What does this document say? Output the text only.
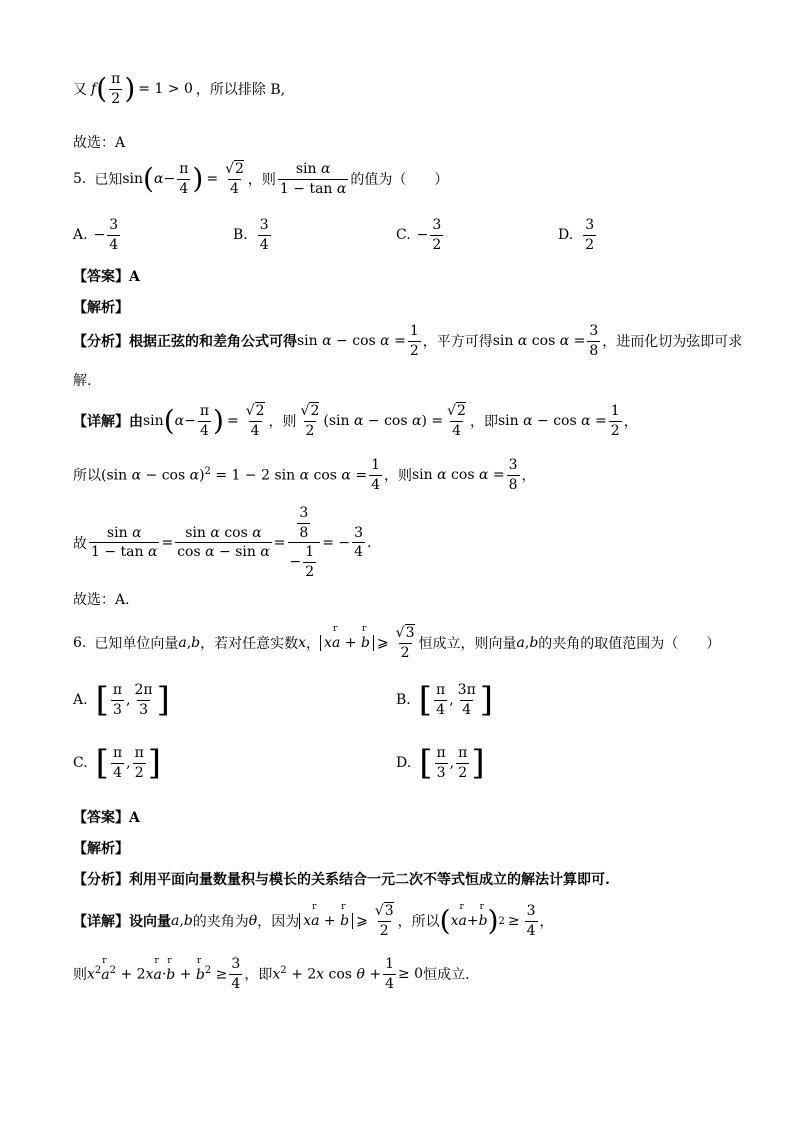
又 f ( $\frac{\pi}{2}$ ) = 1 > 0 ，所以排除 B,
故选：A
5. 已知 sin ( $\alpha - \frac{\pi}{4}$ ) = $\frac{√2}{4}$ ，则 $\frac{\text{sin α}}{\text{1 − tan α}}$ 的值为（　　）
A. − $\frac{3}{4}$	B. $\frac{3}{4}$	C. − $\frac{3}{2}$	D. $\frac{3}{2}$
【答案】A
【解析】
【分析】根据正弦的和差角公式可得 $\sin \alpha - \cos \alpha = \frac{1}{2}$ ，平方可得 sin α $\cos \alpha = \frac{3}{8}$ ，进而化切为弦即可求
解.
【详解】由 sin ( $\alpha - \frac{\pi}{4}$ ) = $\frac{√2}{4}$ ，则 $\frac{√2}{2} (\sin$ $\alpha - \cos \alpha) = \frac{√2}{4}$ ，即 $\sin \alpha - \cos \alpha = \frac{1}{2}$ ，
所以 (sin α − cos α)$^2$ = 1 − 2 sin α $\cos \alpha = \frac{1}{4}$ ，则 sin α $\cos \alpha = \frac{3}{8}$ ，
故 $\frac{\text{sin α}}{\text{1 − tan α}} = \frac{\text{sin α cos α}}{\text{cos α − sin α}} = \frac{\frac{3}{8}}{- \frac{1}{2}}$ = − $\frac{3}{4}$ .
故选：A.
6. 已知单位向量 a , b ，若对任意实数 x ， xr a + r b ⩾ $\frac{√3}{2}$ 恒成立，则向量 a , b 的夹角的取值范围为（　　）
A. [ $\frac{\pi}{3}$ , $\frac{2\pi}{3}$ ]	B. [ $\frac{\pi}{4}$ , $\frac{3\pi}{4}$ ]
C. [ $\frac{\pi}{4}$ , $\frac{\pi}{2}$ ]	D. [ $\frac{\pi}{3}$ , $\frac{\pi}{2}$ ]
【答案】A
【解析】
【分析】利用平面向量数量积与模长的关系结合一元二次不等式恒成立的解法计算即可.
【详解】设向量 a , b 的夹角为 θ ，因为 xr a + r b ⩾ $\frac{√3}{2}$ ，所以 ( x r a + r b ) $2 \ge \frac{3}{4}$ ，
则 $x^2r$ $a^2 + 2xr$ a·r b + r $b^2 \ge \frac{3}{4}$ ，即 $x^2 + 2x$ $\cos \theta + \frac{1}{4} \ge 0$ 恒成立.
